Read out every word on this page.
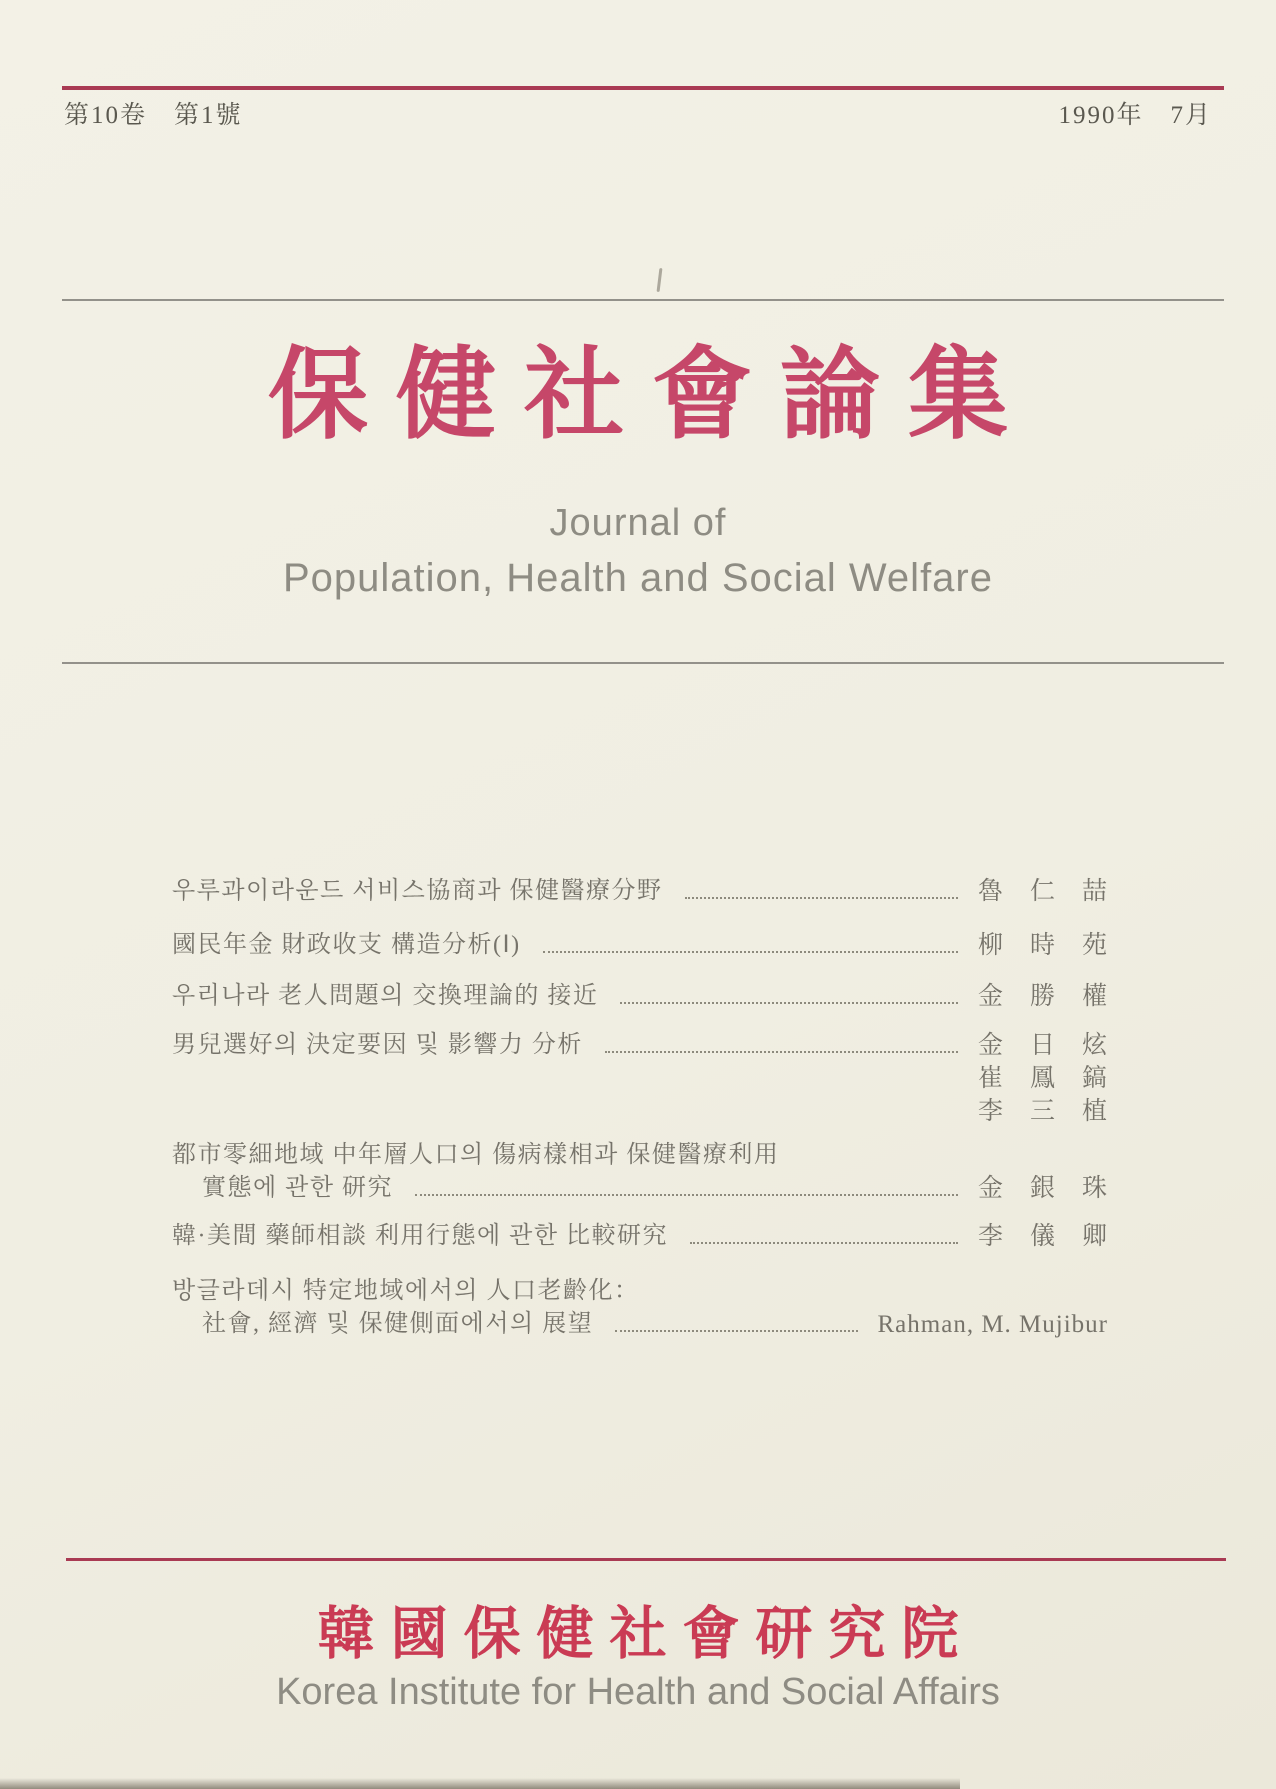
第10卷　第1號	1990年　7月
保健社會論集
Journal of
Population, Health and Social Welfare
우루과이라운드 서비스協商과 保健醫療分野	魯　仁　喆
國民年金 財政收支 構造分析(Ⅰ)	柳　時　苑
우리나라 老人問題의 交換理論的 接近	金　勝　權
男兒選好의 決定要因 및 影響力 分析	金　日　炫
崔　鳳　鎬
李　三　植
都市零細地域 中年層人口의 傷病樣相과 保健醫療利用
實態에 관한 研究	金　銀　珠
韓·美間 藥師相談 利用行態에 관한 比較研究	李　儀　卿
방글라데시 特定地域에서의 人口老齡化：
社會, 經濟 및 保健側面에서의 展望	Rahman, M. Mujibur
韓國保健社會研究院
Korea Institute for Health and Social Affairs
